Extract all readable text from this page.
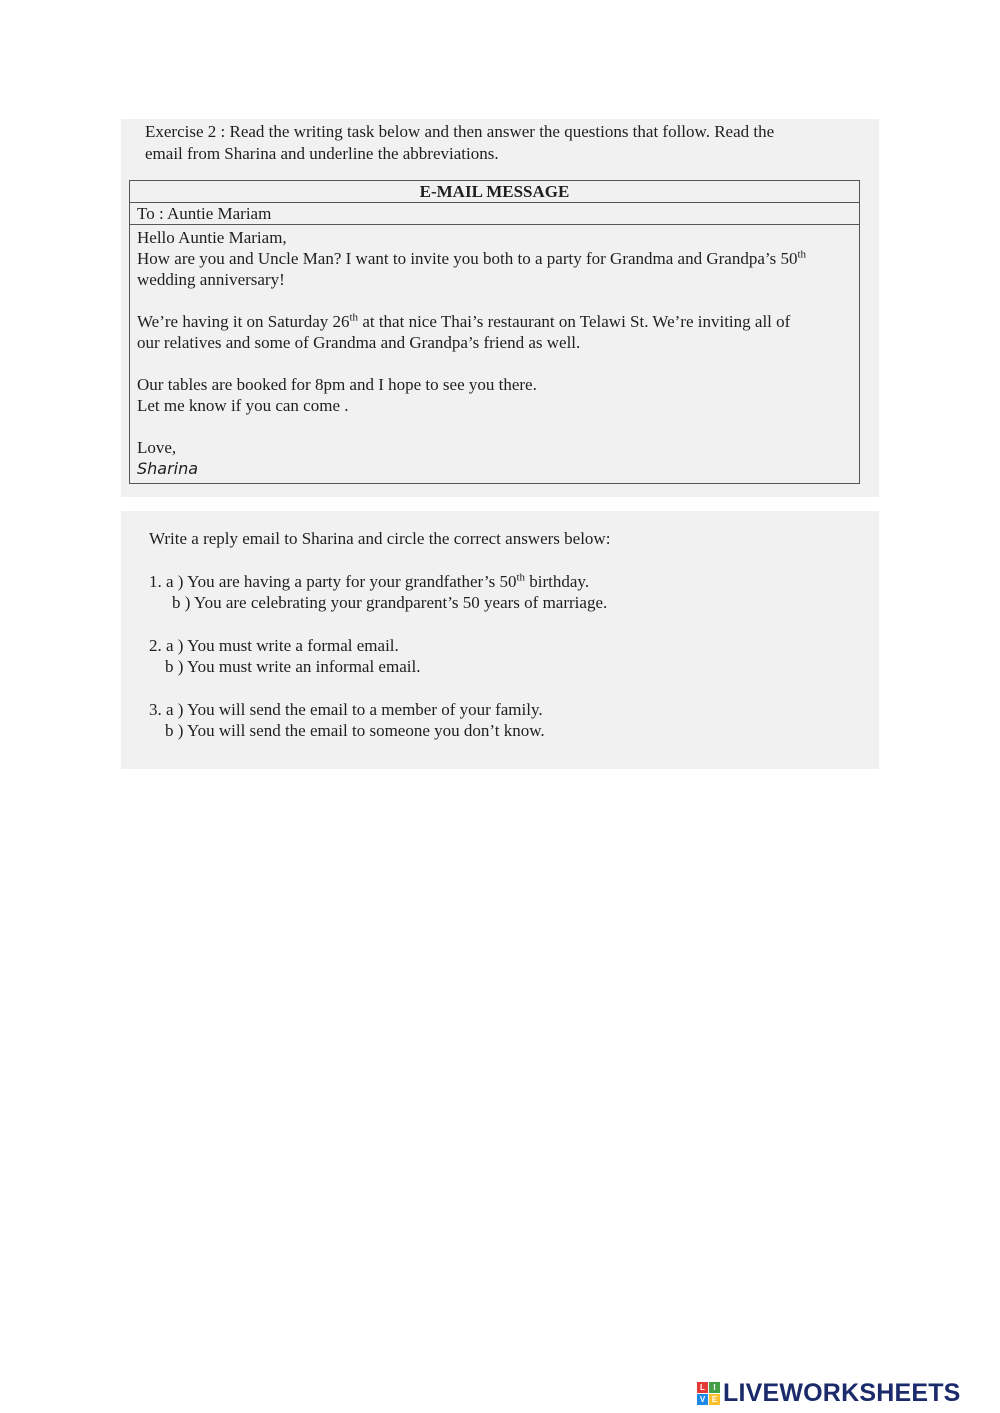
Exercise 2 : Read the writing task below and then answer the questions that follow. Read the
email from Sharina and underline the abbreviations.
E-MAIL MESSAGE
To : Auntie Mariam

Hello Auntie Mariam,

How are you and Uncle Man? I want to invite you both to a party for Grandma and Grandpa’s 50th

wedding anniversary!

We’re having it on Saturday 26th at that nice Thai’s restaurant on Telawi St. We’re inviting all of

our relatives and some of Grandma and Grandpa’s friend as well.

Our tables are booked for 8pm and I hope to see you there.

Let me know if you can come .

Love,

Sharina

Write a reply email to Sharina and circle the correct answers below:

1. a ) You are having a party for your grandfather’s 50th birthday.

b ) You are celebrating your grandparent’s 50 years of marriage.

2. a ) You must write a formal email.

b ) You must write an informal email.

3. a ) You will send the email to a member of your family.

b ) You will send the email to someone you don’t know.

L	I
V E LIVEWORKSHEETS
